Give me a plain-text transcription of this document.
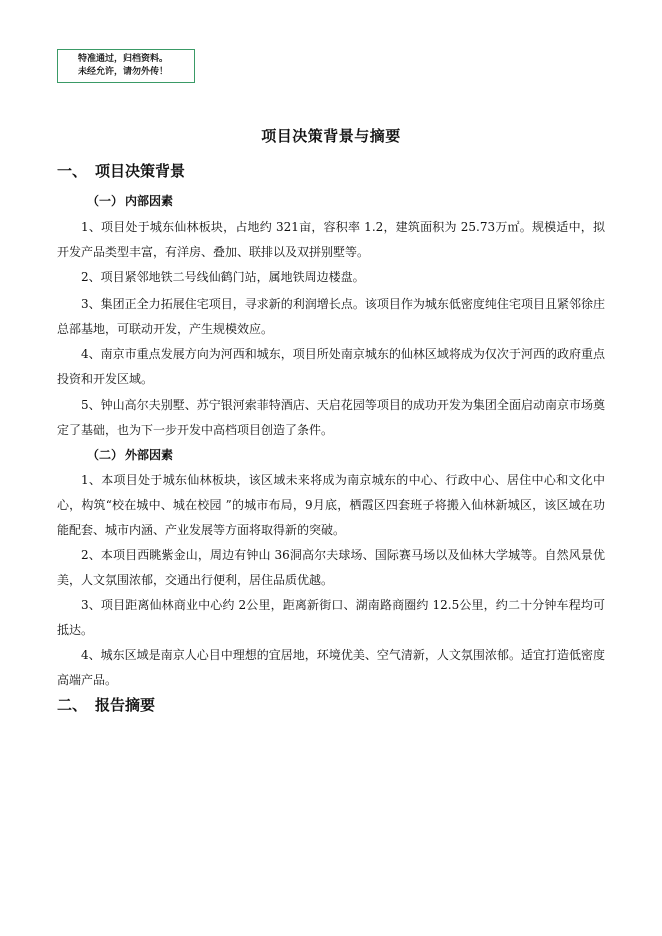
特准通过，归档资料。
未经允许，请勿外传！
项目决策背景与摘要
一、 项目决策背景
（一） 内部因素

1、项目处于城东仙林板块，占地约 321亩，容积率 1.2，建筑面积为 25.73万㎡。规模适中，拟开发产品类型丰富，有洋房、叠加、联排以及双拼别墅等。

2、项目紧邻地铁二号线仙鹤门站，属地铁周边楼盘。

3、集团正全力拓展住宅项目，寻求新的利润增长点。该项目作为城东低密度纯住宅项目且紧邻徐庄总部基地，可联动开发，产生规模效应。

4、南京市重点发展方向为河西和城东，项目所处南京城东的仙林区域将成为仅次于河西的政府重点投资和开发区域。

5、钟山高尔夫别墅、苏宁银河索菲特酒店、天启花园等项目的成功开发为集团全面启动南京市场奠定了基础，也为下一步开发中高档项目创造了条件。

（二） 外部因素

1、本项目处于城东仙林板块，该区域未来将成为南京城东的中心、行政中心、居住中心和文化中心，构筑“校在城中、城在校园 ”的城市布局，9月底，栖霞区四套班子将搬入仙林新城区，该区域在功能配套、城市内涵、产业发展等方面将取得新的突破。

2、本项目西眺紫金山，周边有钟山 36洞高尔夫球场、国际赛马场以及仙林大学城等。自然风景优美，人文氛围浓郁，交通出行便利，居住品质优越。

3、项目距离仙林商业中心约 2公里，距离新街口、湖南路商圈约 12.5公里，约二十分钟车程均可抵达。

4、城东区域是南京人心目中理想的宜居地，环境优美、空气清新，人文氛围浓郁。适宜打造低密度高端产品。

二、 报告摘要
